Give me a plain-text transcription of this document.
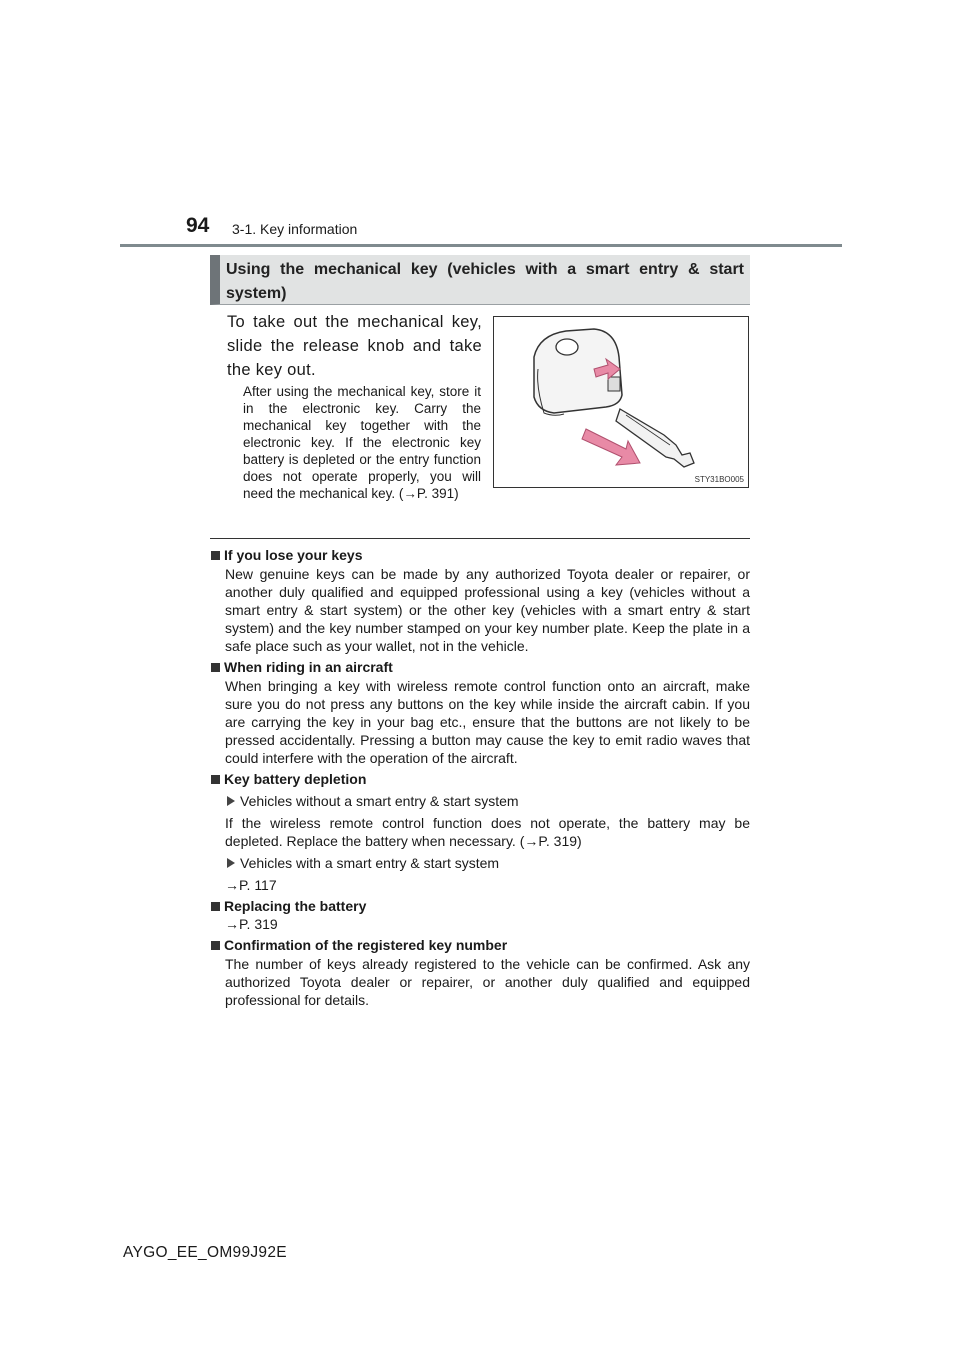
94 3-1. Key information
Using the mechanical key (vehicles with a smart entry & start system)
To take out the mechanical key, slide the release knob and take the key out.
After using the mechanical key, store it in the electronic key. Carry the mechanical key together with the electronic key. If the electronic key battery is depleted or the entry function does not operate properly, you will need the mechanical key. (→P. 391)
STY31BO005
If you lose your keys
New genuine keys can be made by any authorized Toyota dealer or repairer, or another duly qualified and equipped professional using a key (vehicles without a smart entry & start system) or the other key (vehicles with a smart entry & start system) and the key number stamped on your key number plate. Keep the plate in a safe place such as your wallet, not in the vehicle.
When riding in an aircraft
When bringing a key with wireless remote control function onto an aircraft, make sure you do not press any buttons on the key while inside the aircraft cabin. If you are carrying the key in your bag etc., ensure that the buttons are not likely to be pressed accidentally. Pressing a button may cause the key to emit radio waves that could interfere with the operation of the aircraft.
Key battery depletion
Vehicles without a smart entry & start system
If the wireless remote control function does not operate, the battery may be depleted. Replace the battery when necessary. (→P. 319)
Vehicles with a smart entry & start system
→P. 117
Replacing the battery
→P. 319
Confirmation of the registered key number
The number of keys already registered to the vehicle can be confirmed. Ask any authorized Toyota dealer or repairer, or another duly qualified and equipped professional for details.
AYGO_EE_OM99J92E
